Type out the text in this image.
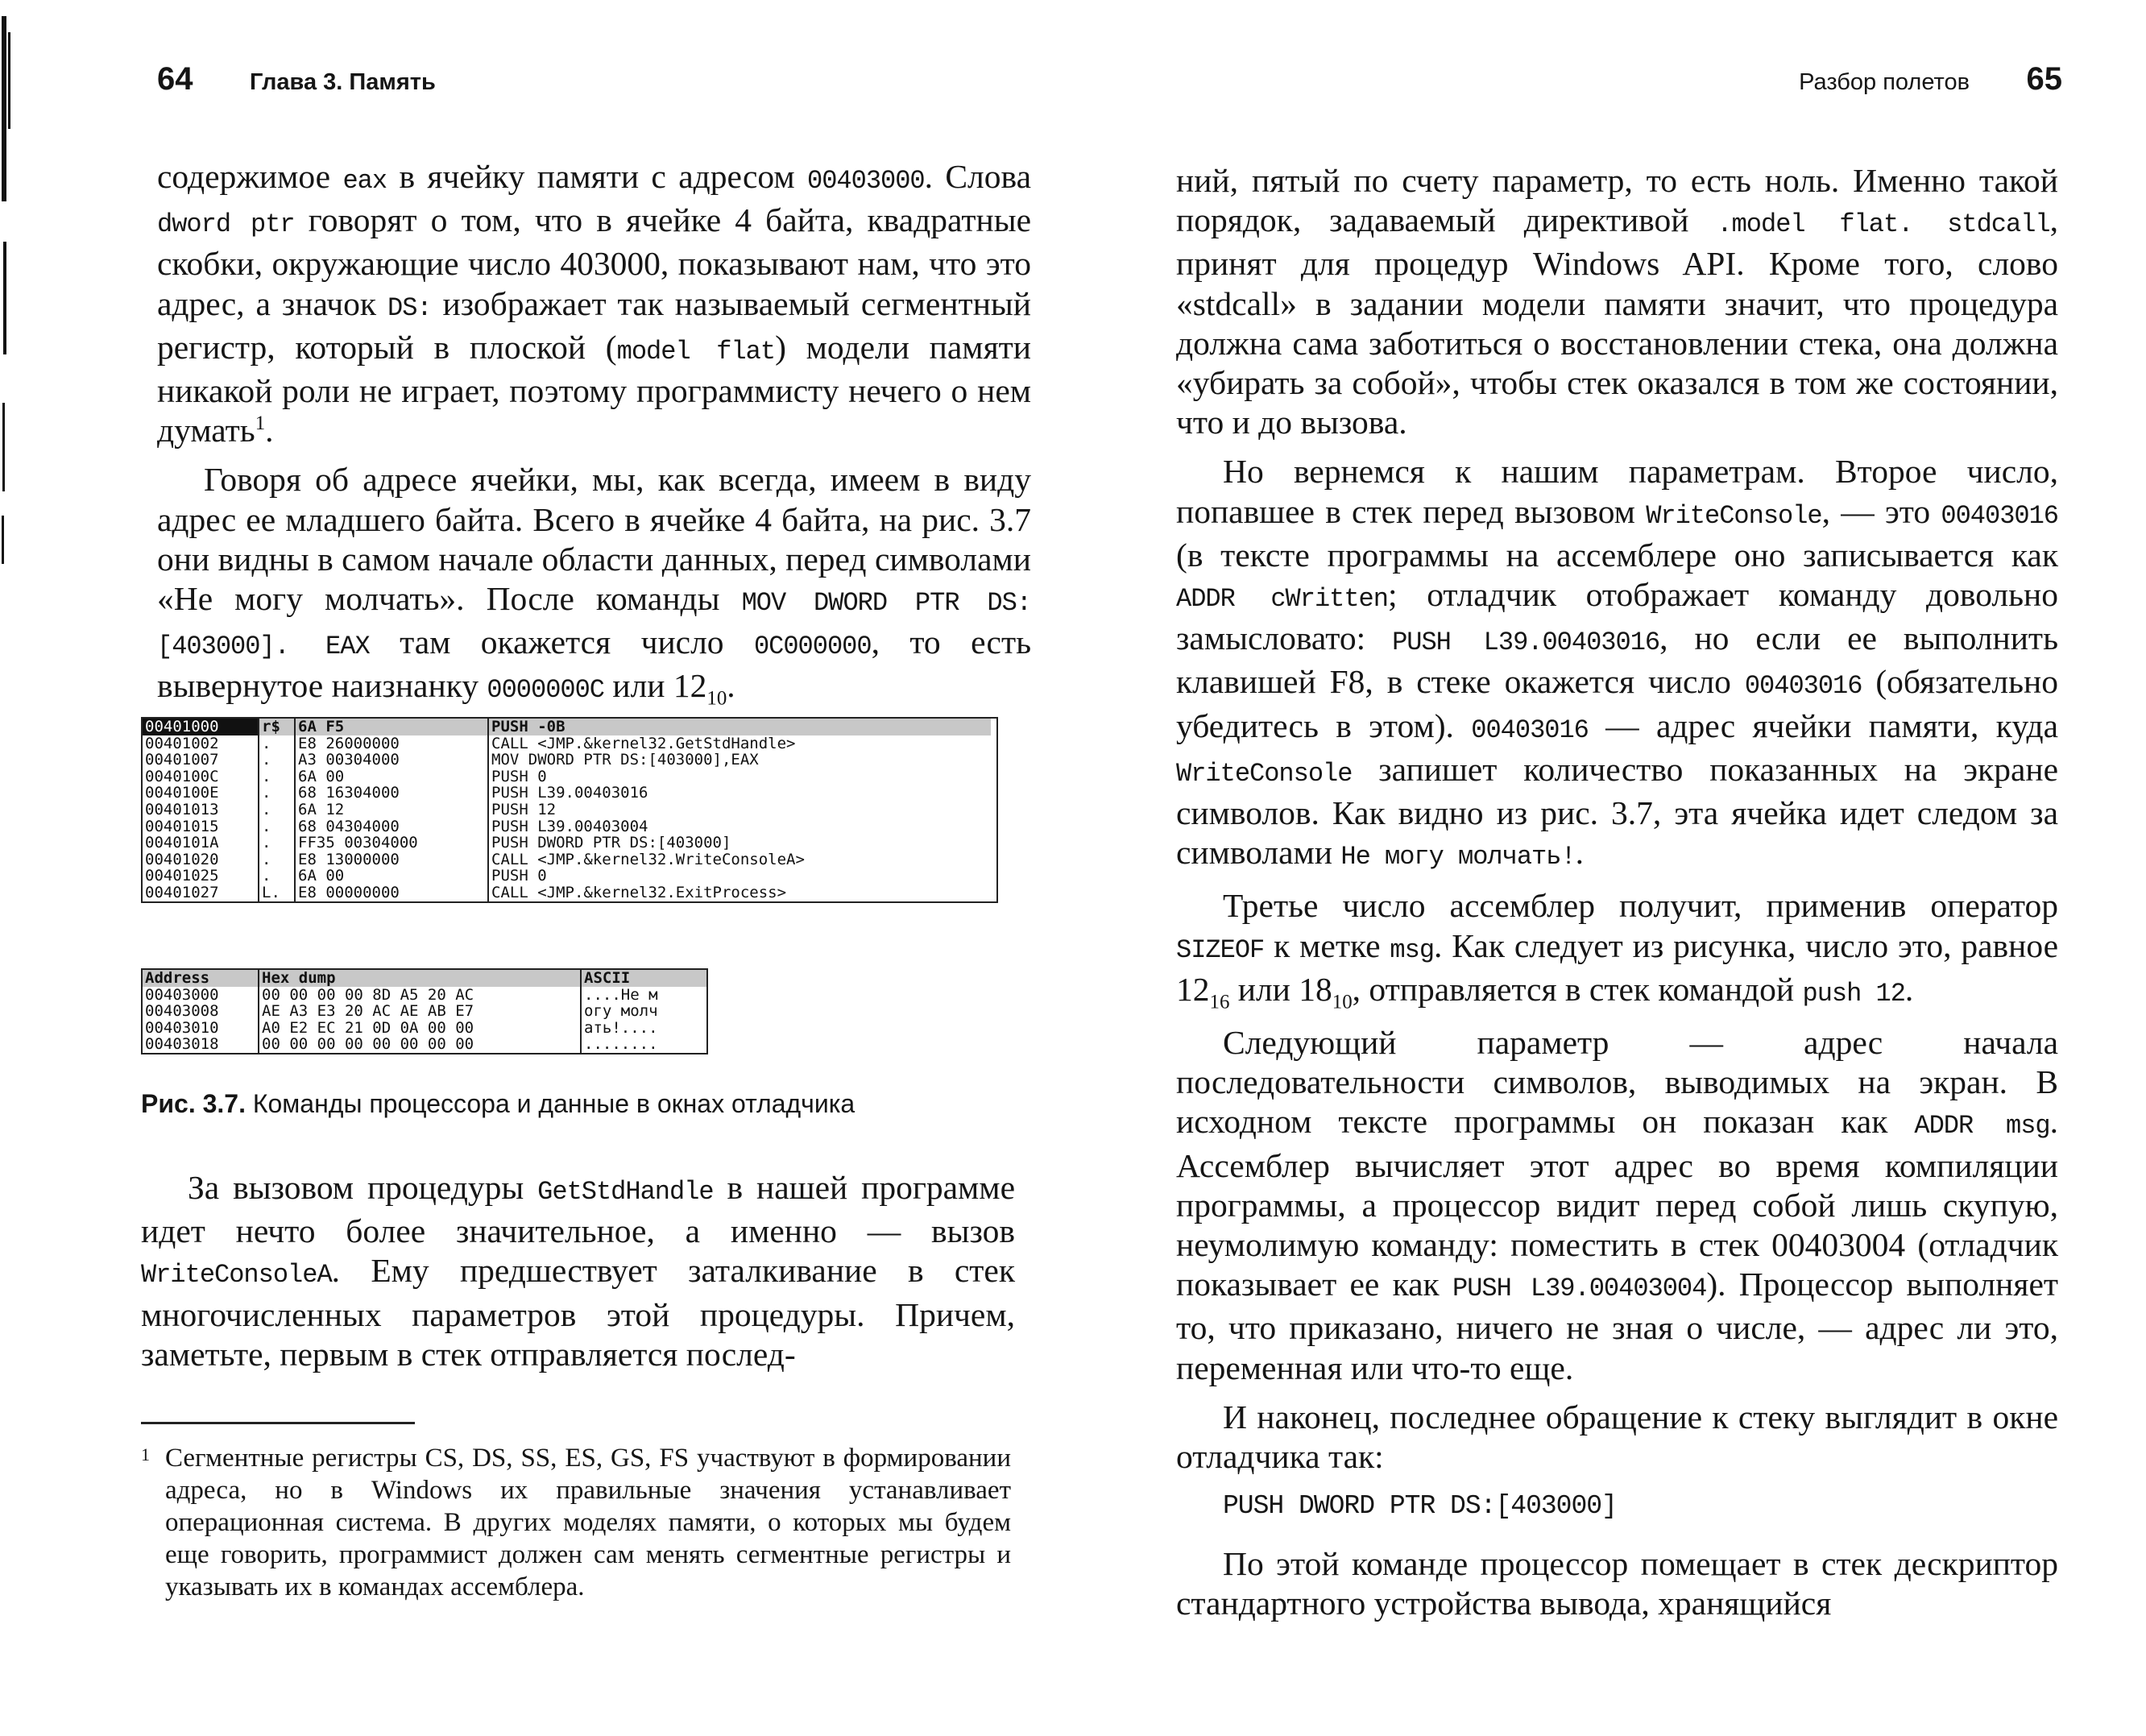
64 Глава 3. Память

содержимое eax в ячейку памяти с адресом 00403000. Слова dword ptr говорят о том, что в ячейке 4 байта, квадратные скобки, окружающие число 403000, показывают нам, что это адрес, а значок DS: изображает так называемый сегментный регистр, который в плоской (model flat) модели памяти никакой роли не играет, поэтому программисту нечего о нем думать$^1$.

Говоря об адресе ячейки, мы, как всегда, имеем в виду адрес ее младшего байта. Всего в ячейке 4 байта, на рис. 3.7 они видны в самом начале области данных, перед символами «Не могу молчать». После команды MOV DWORD PTR DS:[403000]. EAX там окажется число 0C000000, то есть вывернутое наизнанку 0000000C или $12_{10}$.

00401000	r$	6A F5	PUSH -0B
00401002	.	E8 26000000	CALL <JMP.&kernel32.GetStdHandle>
00401007	.	A3 00304000	MOV DWORD PTR DS:[403000],EAX
0040100C	.	6A 00	PUSH 0
0040100E	.	68 16304000	PUSH L39.00403016
00401013	.	6A 12	PUSH 12
00401015	.	68 04304000	PUSH L39.00403004
0040101A	.	FF35 00304000	PUSH DWORD PTR DS:[403000]
00401020	.	E8 13000000	CALL <JMP.&kernel32.WriteConsoleA>
00401025	.	6A 00	PUSH 0
00401027	L.	E8 00000000	CALL <JMP.&kernel32.ExitProcess>
Address	Hex dump	ASCII
00403000	00 00 00 00 8D A5 20 AC	....Не м
00403008	AE A3 E3 20 AC AE AB E7	огу молч
00403010	A0 E2 EC 21 0D 0A 00 00	ать!....
00403018	00 00 00 00 00 00 00 00	........
Рис. 3.7. Команды процессора и данные в окнах отладчика

За вызовом процедуры GetStdHandle в нашей программе идет нечто более значительное, а именно — вызов WriteConsoleA. Ему предшествует заталкивание в стек многочисленных параметров этой процедуры. Причем, заметьте, первым в стек отправляется послед-

1 Сегментные регистры CS, DS, SS, ES, GS, FS участвуют в формировании адреса, но в Windows их правильные значения устанавливает операционная система. В других моделях памяти, о которых мы будем еще говорить, программист должен сам менять сегментные регистры и указывать их в командах ассемблера.
Разбор полетов 65

ний, пятый по счету параметр, то есть ноль. Именно такой порядок, задаваемый директивой .model flat. stdcall, принят для процедур Windows API. Кроме того, слово «stdcall» в задании модели памяти значит, что процедура должна сама заботиться о восстановлении стека, она должна «убирать за собой», чтобы стек оказался в том же состоянии, что и до вызова.

Но вернемся к нашим параметрам. Второе число, попавшее в стек перед вызовом WriteConsole, — это 00403016 (в тексте программы на ассемблере оно записывается как ADDR cWritten; отладчик отображает команду довольно замысловато: PUSH L39.00403016, но если ее выполнить клавишей F8, в стеке окажется число 00403016 (обязательно убедитесь в этом). 00403016 — адрес ячейки памяти, куда WriteConsole запишет количество показанных на экране символов. Как видно из рис. 3.7, эта ячейка идет следом за символами Не могу молчать!.

Третье число ассемблер получит, применив оператор SIZEOF к метке msg. Как следует из рисунка, число это, равное $12_{16}$ или $18_{10}$, отправляется в стек командой push 12.

Следующий параметр — адрес начала последовательности символов, выводимых на экран. В исходном тексте программы он показан как ADDR msg. Ассемблер вычисляет этот адрес во время компиляции программы, а процессор видит перед собой лишь скупую, неумолимую команду: поместить в стек 00403004 (отладчик показывает ее как PUSH L39.00403004). Процессор выполняет то, что приказано, ничего не зная о числе, — адрес ли это, переменная или что-то еще.

И наконец, последнее обращение к стеку выглядит в окне отладчика так:

PUSH DWORD PTR DS:[403000]

По этой команде процессор помещает в стек дескриптор стандартного устройства вывода, хранящийся
